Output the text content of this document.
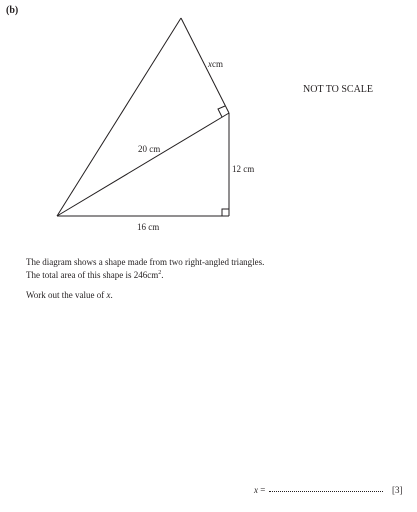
(b)
xcm
20 cm
12 cm
16 cm
NOT TO SCALE
The diagram shows a shape made from two right-angled triangles.
The total area of this shape is $246cm^2$.
Work out the value of x.
x =	[3]
